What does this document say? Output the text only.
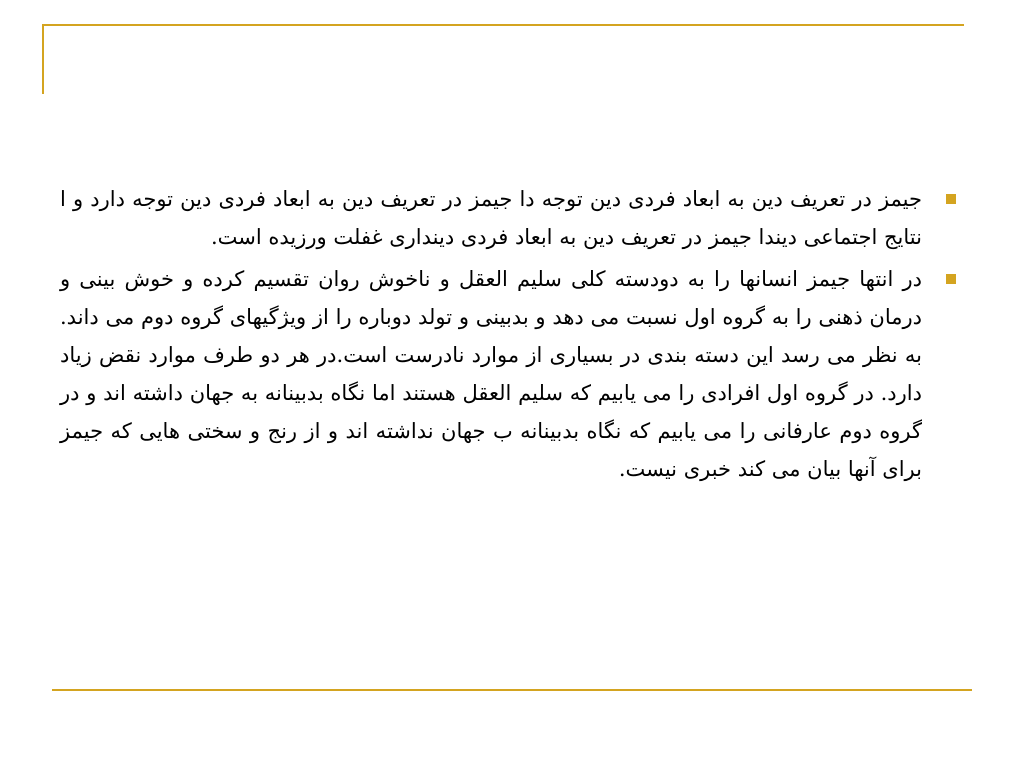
جیمز در تعریف دین به ابعاد فردی دین توجه دا جیمز در تعریف دین به ابعاد فردی دین توجه دارد و ا نتایج اجتماعی دیندا جیمز در تعریف دین به ابعاد فردی دینداری غفلت ورزیده است.
در انتها جیمز انسانها را به دودسته کلی سلیم العقل و ناخوش روان تقسیم کرده و خوش بینی و درمان ذهنی را به گروه اول نسبت می دهد و بدبینی و تولد دوباره را از ویژگیهای گروه دوم می داند. به نظر می رسد این دسته بندی در بسیاری از موارد نادرست است.در هر دو طرف موارد نقض زیاد دارد. در گروه اول افرادی را می یابیم که سلیم العقل هستند اما نگاه بدبینانه به جهان داشته اند و در گروه دوم عارفانی را می یابیم که نگاه بدبینانه ب جهان نداشته اند و از رنج و سختی هایی که جیمز برای آنها بیان می کند خبری نیست.
